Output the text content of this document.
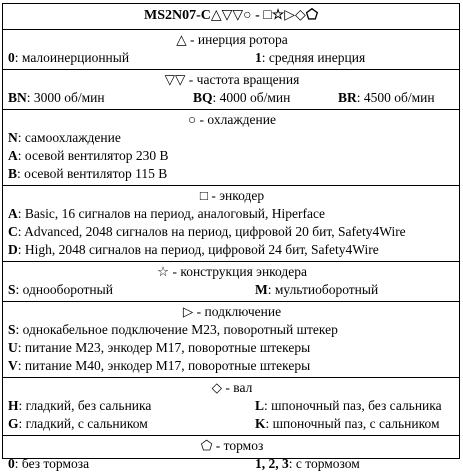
MS2N07-C△▽▽○ - □☆▷◇⬠
△ - инерция ротора
0: малоинерционный	1: средняя инерция
▽▽ - частота вращения
BN: 3000 об/мин	BQ: 4000 об/мин	BR: 4500 об/мин
○ - охлаждение
N: самоохлаждение
A: осевой вентилятор 230 В
B: осевой вентилятор 115 В
□ - энкодер
A: Basic, 16 сигналов на период, аналоговый, Hiperface
C: Advanced, 2048 сигналов на период, цифровой 20 бит, Safety4Wire
D: High, 2048 сигналов на период, цифровой 24 бит, Safety4Wire
☆ - конструкция энкодера
S: однооборотный	M: мультиоборотный
▷ - подключение
S: однокабельное подключение M23, поворотный штекер
U: питание M23, энкодер M17, поворотные штекеры
V: питание M40, энкодер M17, поворотные штекеры
◇ - вал
H: гладкий, без сальника	L: шпоночный паз, без сальника
G: гладкий, с сальником	K: шпоночный паз, с сальником
⬠ - тормоз
0: без тормоза	1, 2, 3: с тормозом
